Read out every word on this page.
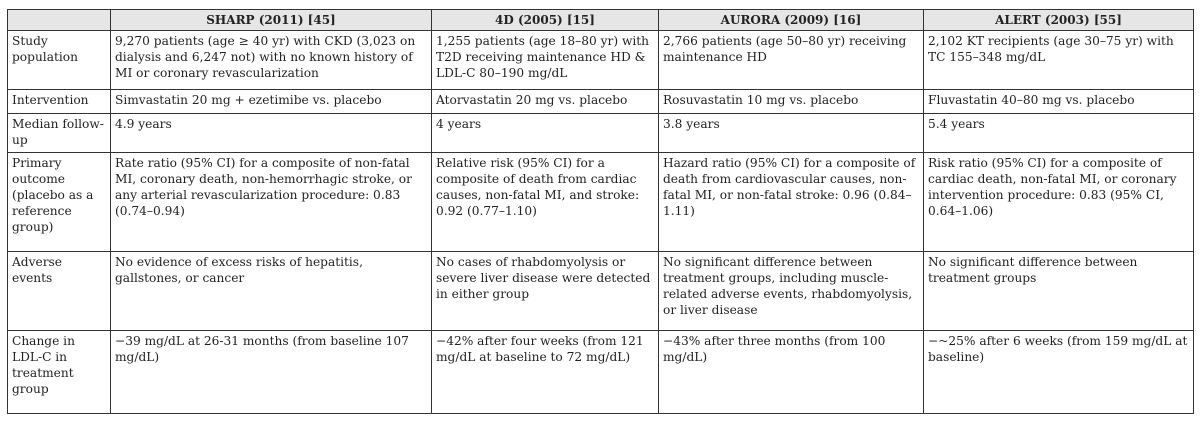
	SHARP (2011) [45]	4D (2005) [15]	AURORA (2009) [16]	ALERT (2003) [55]
Study population	9,270 patients (age ≥ 40 yr) with CKD (3,023 on dialysis and 6,247 not) with no known history of MI or coronary revascularization	1,255 patients (age 18–80 yr) with T2D receiving maintenance HD & LDL-C 80–190 mg/dL	2,766 patients (age 50–80 yr) receiving maintenance HD	2,102 KT recipients (age 30–75 yr) with TC 155–348 mg/dL
Intervention	Simvastatin 20 mg + ezetimibe vs. placebo	Atorvastatin 20 mg vs. placebo	Rosuvastatin 10 mg vs. placebo	Fluvastatin 40–80 mg vs. placebo
Median follow-up	4.9 years	4 years	3.8 years	5.4 years
Primary outcome (placebo as a reference group)	Rate ratio (95% CI) for a composite of non-fatal MI, coronary death, non-hemorrhagic stroke, or any arterial revascularization procedure: 0.83 (0.74–0.94)	Relative risk (95% CI) for a composite of death from cardiac causes, non-fatal MI, and stroke: 0.92 (0.77–1.10)	Hazard ratio (95% CI) for a composite of death from cardiovascular causes, non-fatal MI, or non-fatal stroke: 0.96 (0.84–1.11)	Risk ratio (95% CI) for a composite of cardiac death, non-fatal MI, or coronary intervention procedure: 0.83 (95% CI, 0.64–1.06)
Adverse events	No evidence of excess risks of hepatitis, gallstones, or cancer	No cases of rhabdomyolysis or severe liver disease were detected in either group	No significant difference between treatment groups, including muscle-related adverse events, rhabdomyolysis, or liver disease	No significant difference between treatment groups
Change in LDL-C in treatment group	−39 mg/dL at 26-31 months (from baseline 107 mg/dL)	−42% after four weeks (from 121 mg/dL at baseline to 72 mg/dL)	−43% after three months (from 100 mg/dL)	−~25% after 6 weeks (from 159 mg/dL at baseline)
